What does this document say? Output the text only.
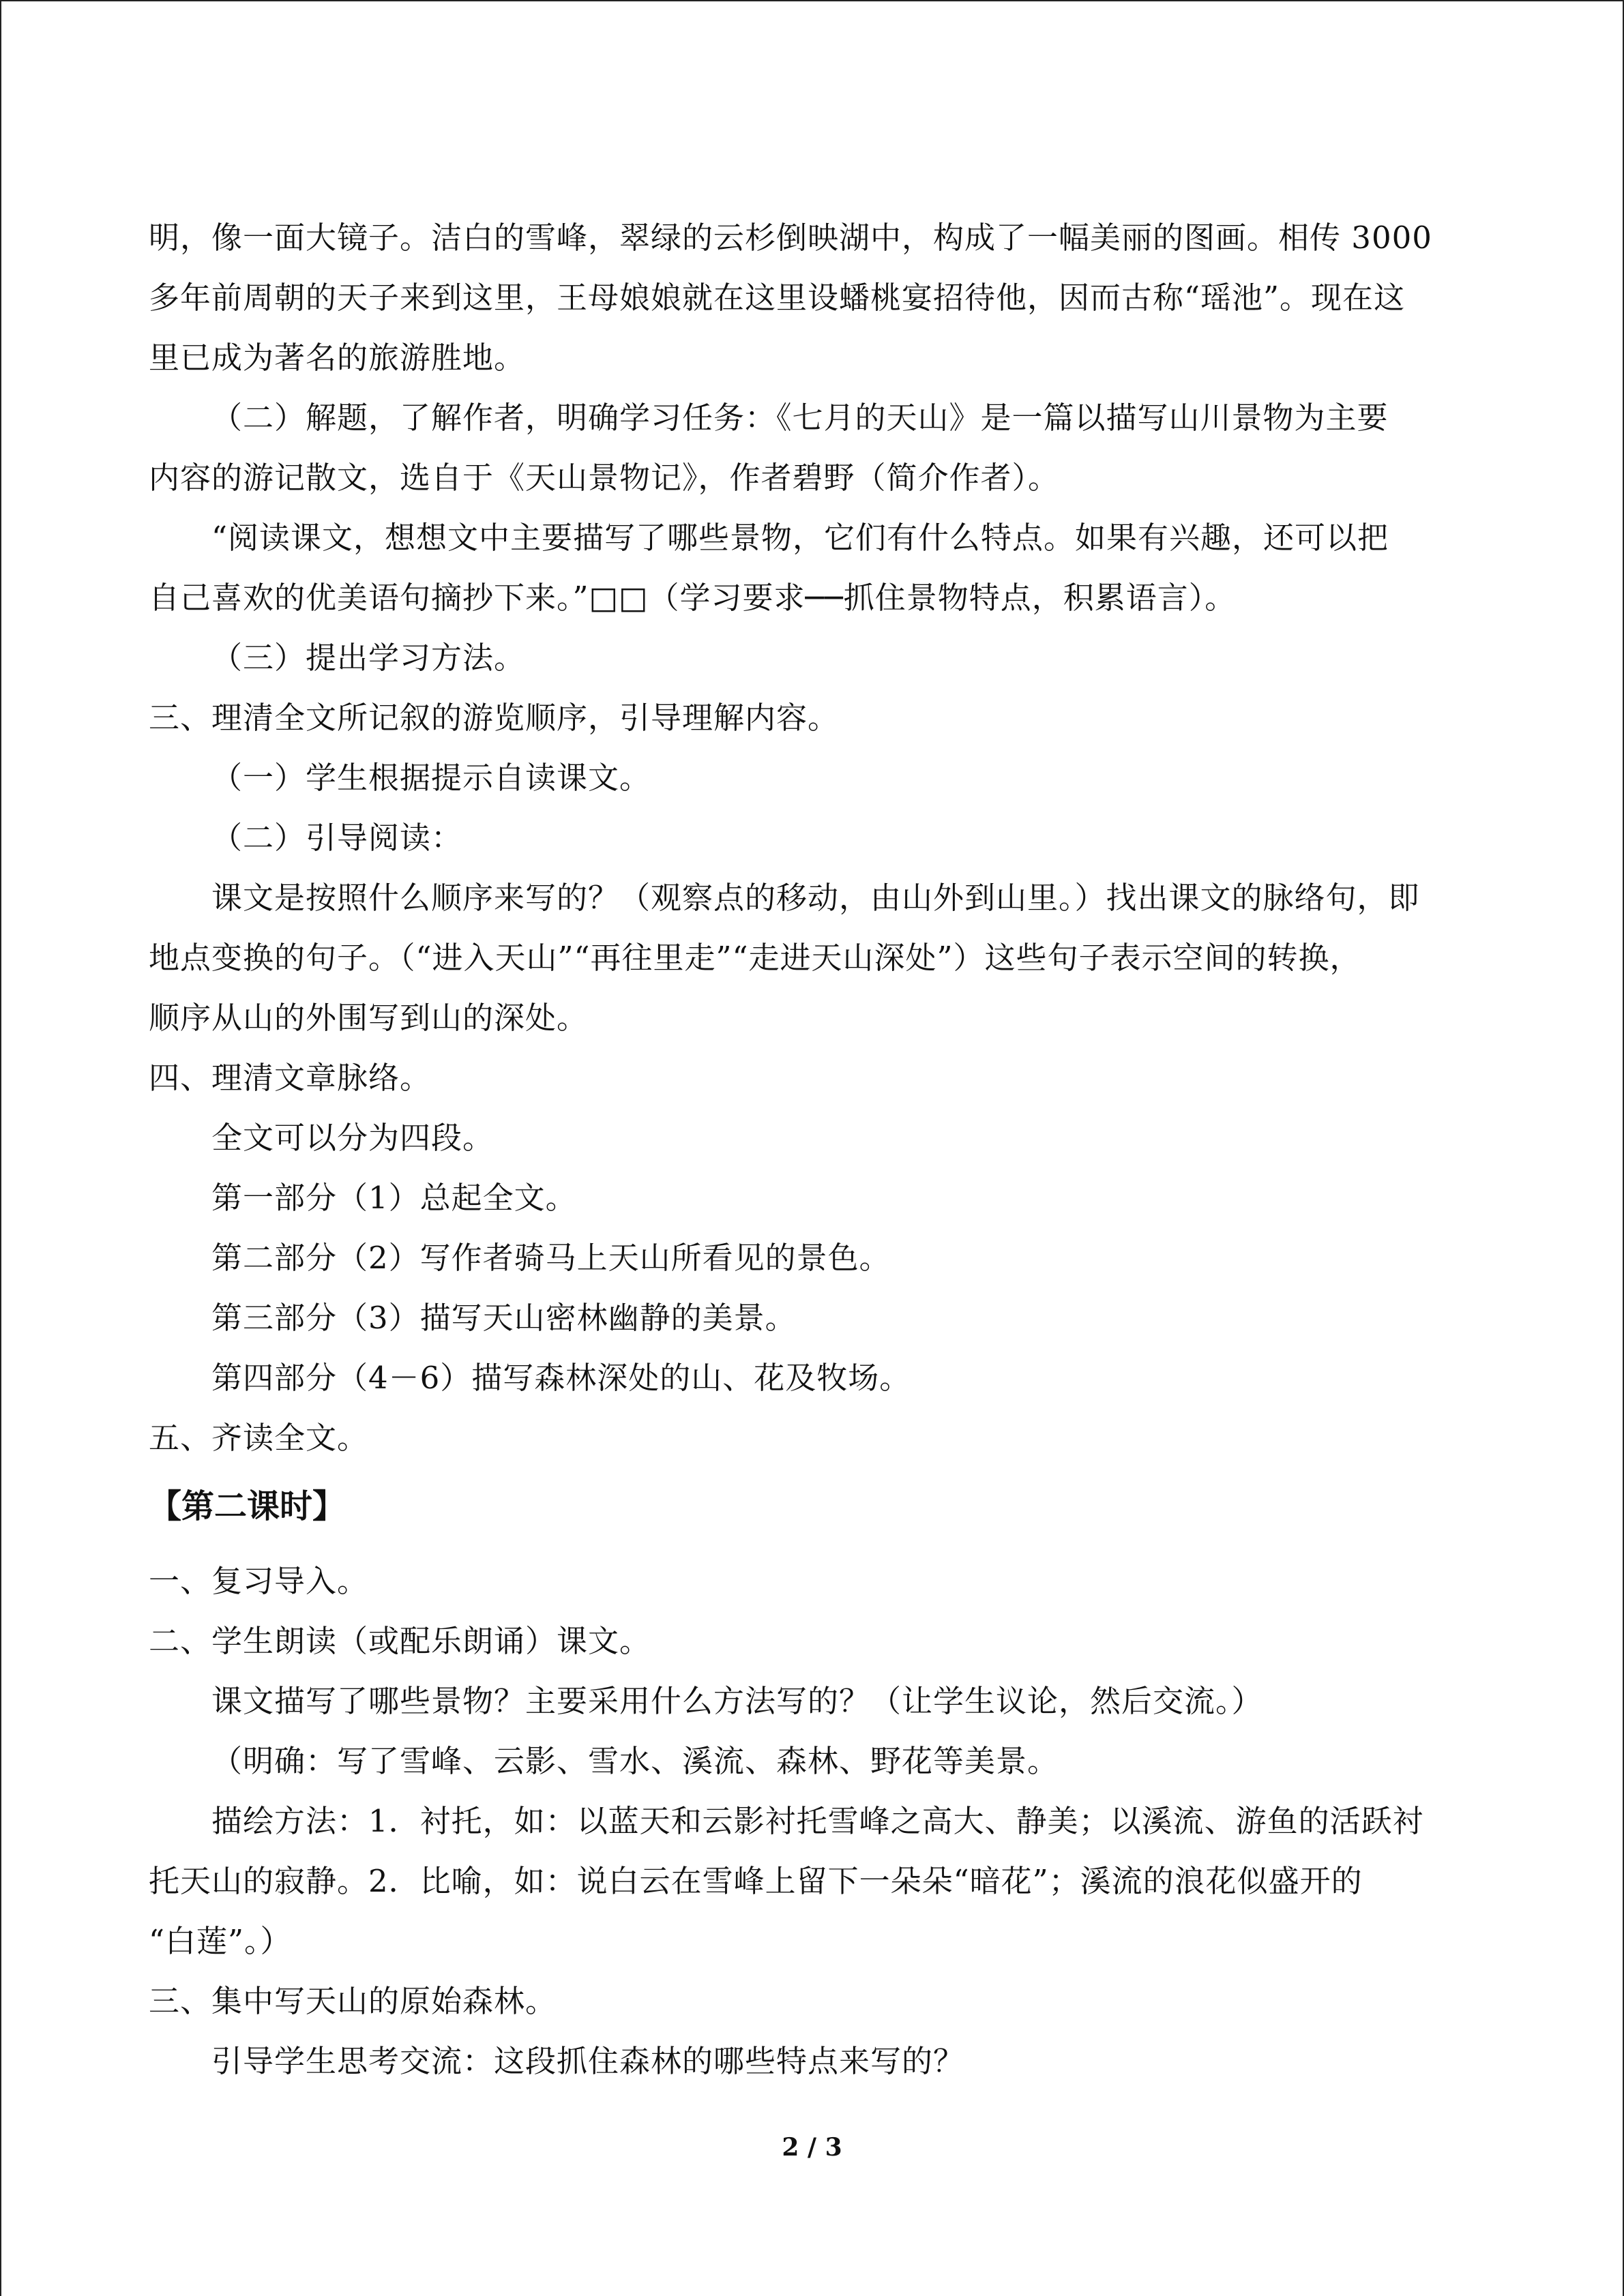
明，像一面大镜子。洁白的雪峰，翠绿的云杉倒映湖中，构成了一幅美丽的图画。相传 3000
多年前周朝的天子来到这里，王母娘娘就在这里设蟠桃宴招待他，因而古称“瑶池”。现在这
里已成为著名的旅游胜地。
（二）解题，了解作者，明确学习任务：《七月的天山》是一篇以描写山川景物为主要
内容的游记散文，选自于《天山景物记》，作者碧野（简介作者）。
“阅读课文，想想文中主要描写了哪些景物，它们有什么特点。如果有兴趣，还可以把
自己喜欢的优美语句摘抄下来。”□□（学习要求──抓住景物特点，积累语言）。
（三）提出学习方法。
三、理清全文所记叙的游览顺序，引导理解内容。
（一）学生根据提示自读课文。
（二）引导阅读：
课文是按照什么顺序来写的？（观察点的移动，由山外到山里。）找出课文的脉络句，即
地点变换的句子。（“进入天山”“再往里走”“走进天山深处”）这些句子表示空间的转换，
顺序从山的外围写到山的深处。
四、理清文章脉络。
全文可以分为四段。
第一部分（1）总起全文。
第二部分（2）写作者骑马上天山所看见的景色。
第三部分（3）描写天山密林幽静的美景。
第四部分（4－6）描写森林深处的山、花及牧场。
五、齐读全文。
【第二课时】
一、复习导入。
二、学生朗读（或配乐朗诵）课文。
课文描写了哪些景物？主要采用什么方法写的？（让学生议论，然后交流。）
（明确：写了雪峰、云影、雪水、溪流、森林、野花等美景。
描绘方法：1．衬托，如：以蓝天和云影衬托雪峰之高大、静美；以溪流、游鱼的活跃衬
托天山的寂静。2．比喻，如：说白云在雪峰上留下一朵朵“暗花”；溪流的浪花似盛开的
“白莲”。）
三、集中写天山的原始森林。
引导学生思考交流：这段抓住森林的哪些特点来写的？
2 / 3
